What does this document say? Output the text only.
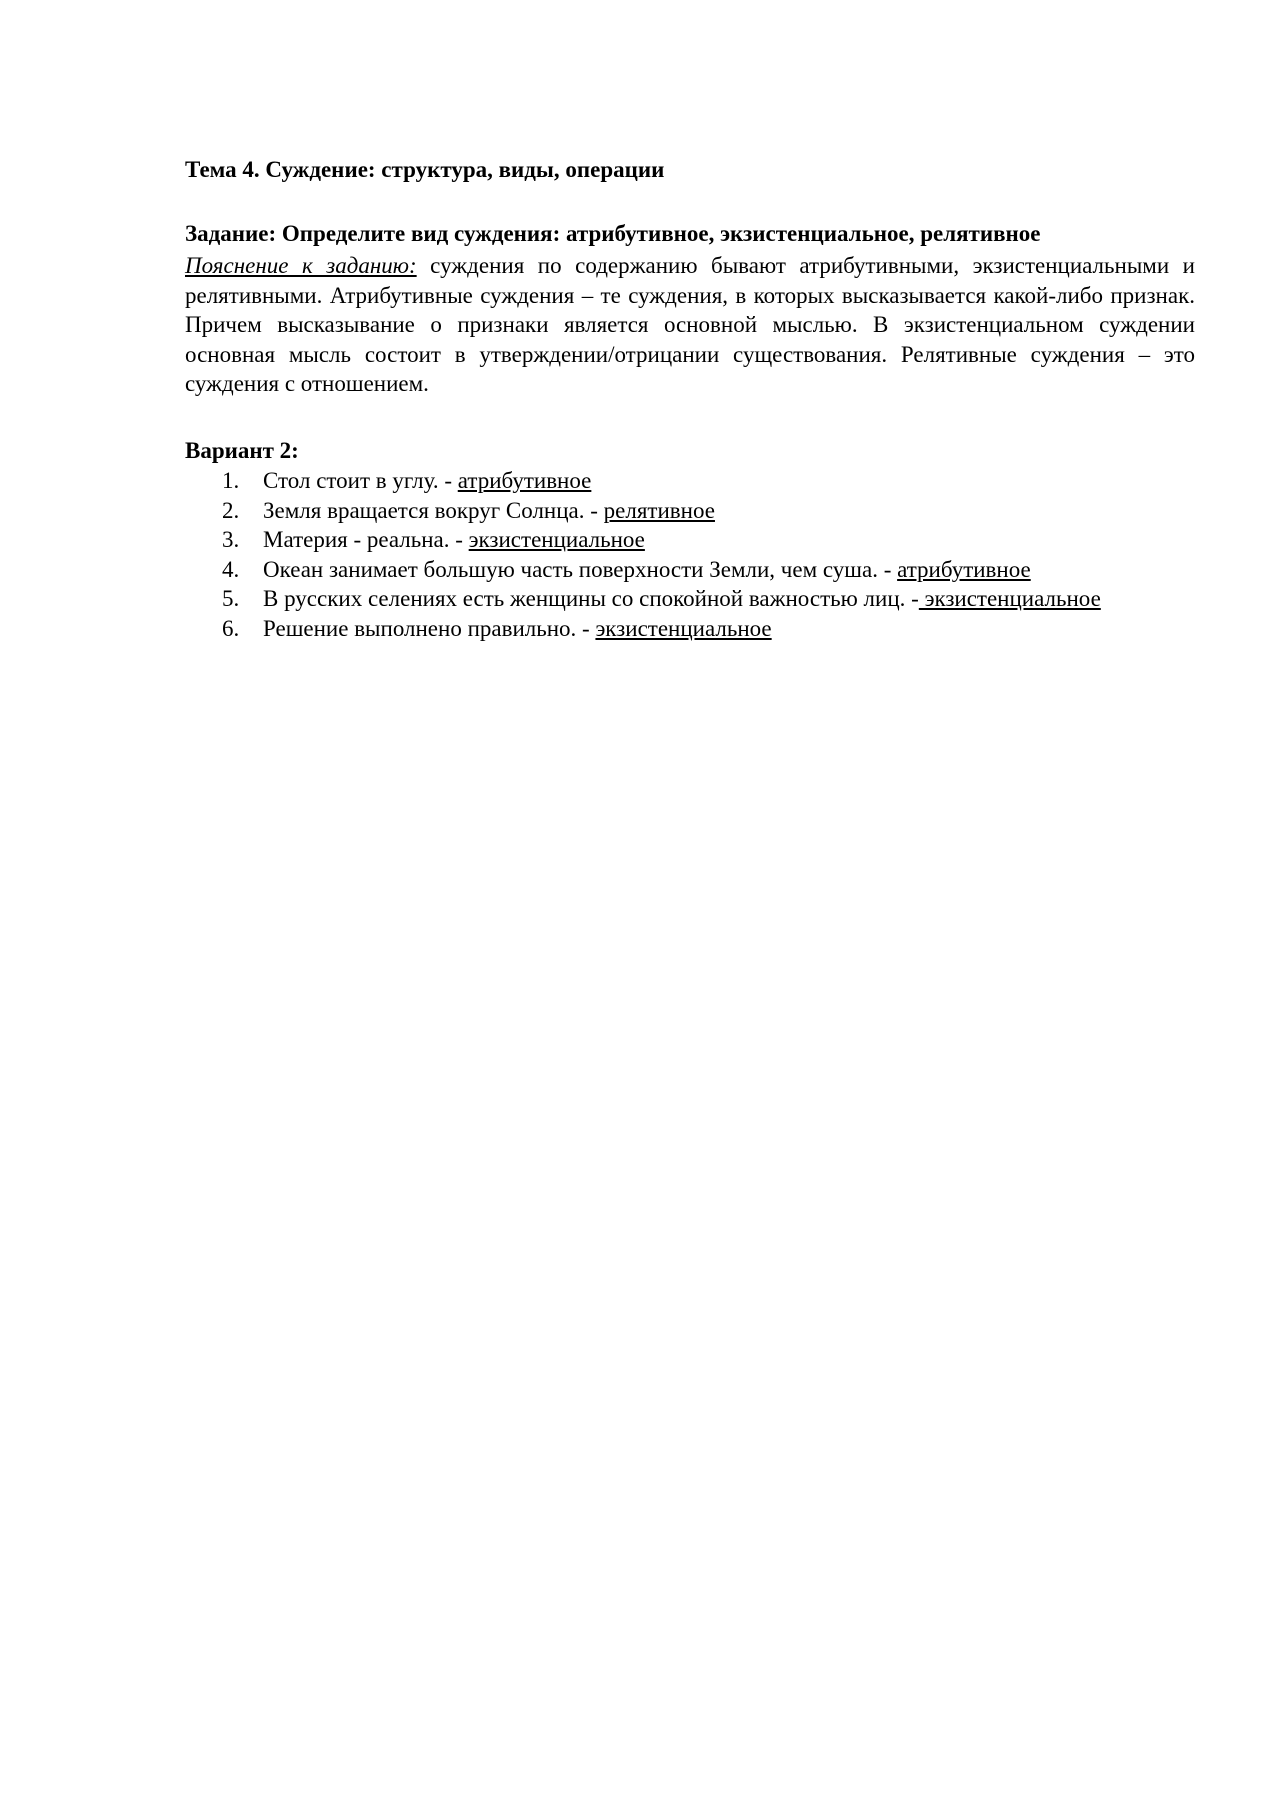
Тема 4. Суждение: структура, виды, операции

Задание: Определите вид суждения: атрибутивное, экзистенциальное, релятивное

Пояснение к заданию: суждения по содержанию бывают атрибутивными, экзистенциальными и релятивными. Атрибутивные суждения – те суждения, в которых высказывается какой-либо признак. Причем высказывание о признаки является основной мыслью. В экзистенциальном суждении основная мысль состоит в утверждении/отрицании существования. Релятивные суждения – это суждения с отношением.

Вариант 2:

1. Стол стоит в углу. - атрибутивное
2. Земля вращается вокруг Солнца. - релятивное
3. Материя - реальна. - экзистенциальное
4. Океан занимает большую часть поверхности Земли, чем суша. - атрибутивное
5. В русских селениях есть женщины со спокойной важностью лиц. - экзистенциальное
6. Решение выполнено правильно. - экзистенциальное
